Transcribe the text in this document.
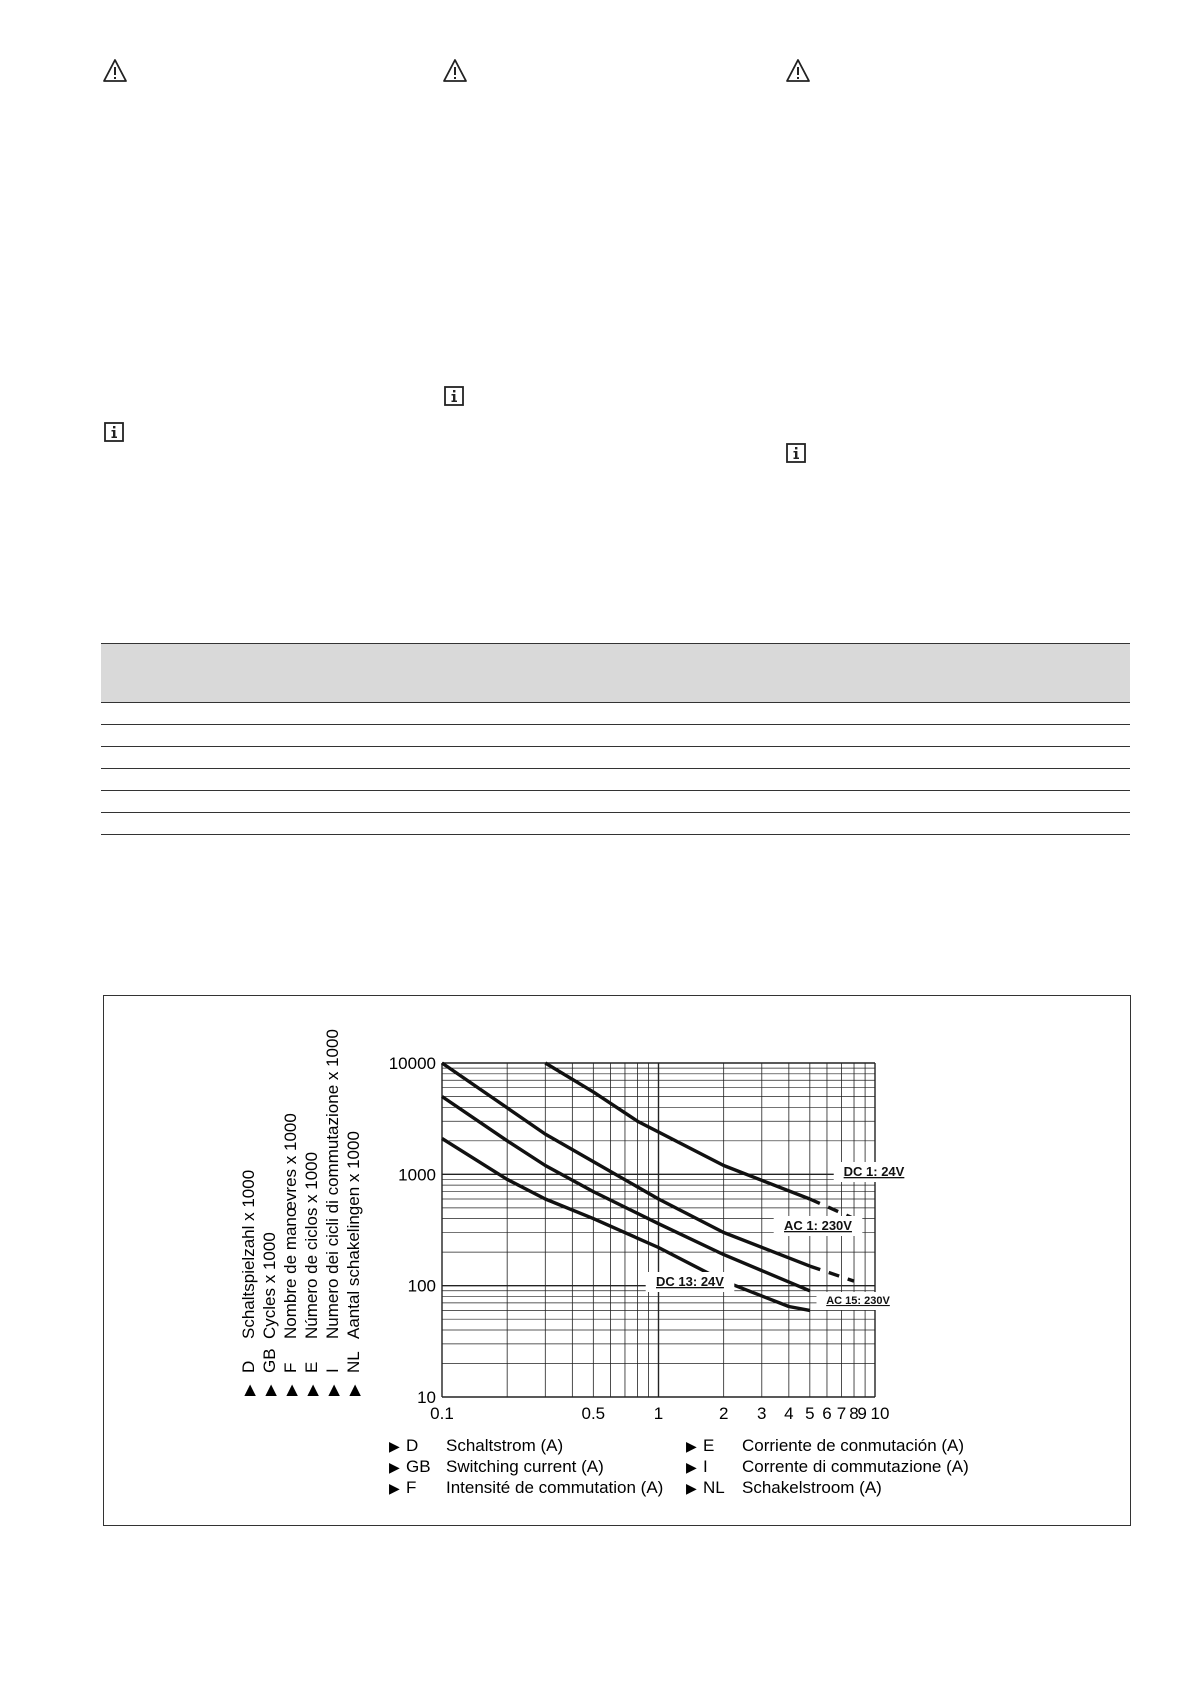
0.1	0.5	1	2 3 4 5 6 7 8
9 10
10
100
1000
10000
DC 1: 24V
AC 1: 230V
DC 13: 24V
AC 15: 230V
▶
D
Schaltspielzahl x 1000
▶
GB
Cycles x 1000
▶
F
Nombre de manœvres x 1000
▶
E
Número de ciclos x 1000
▶
I
Numero dei cicli di commutazione x 1000
▶
NL
Aantal schakelingen x 1000
▶ D Schaltstrom (A)
▶ GB Switching current (A)
▶ F Intensité de commutation (A)
▶ E Corriente de conmutación (A)
▶ I Corrente di commutazione (A)
▶ NL Schakelstroom (A)
